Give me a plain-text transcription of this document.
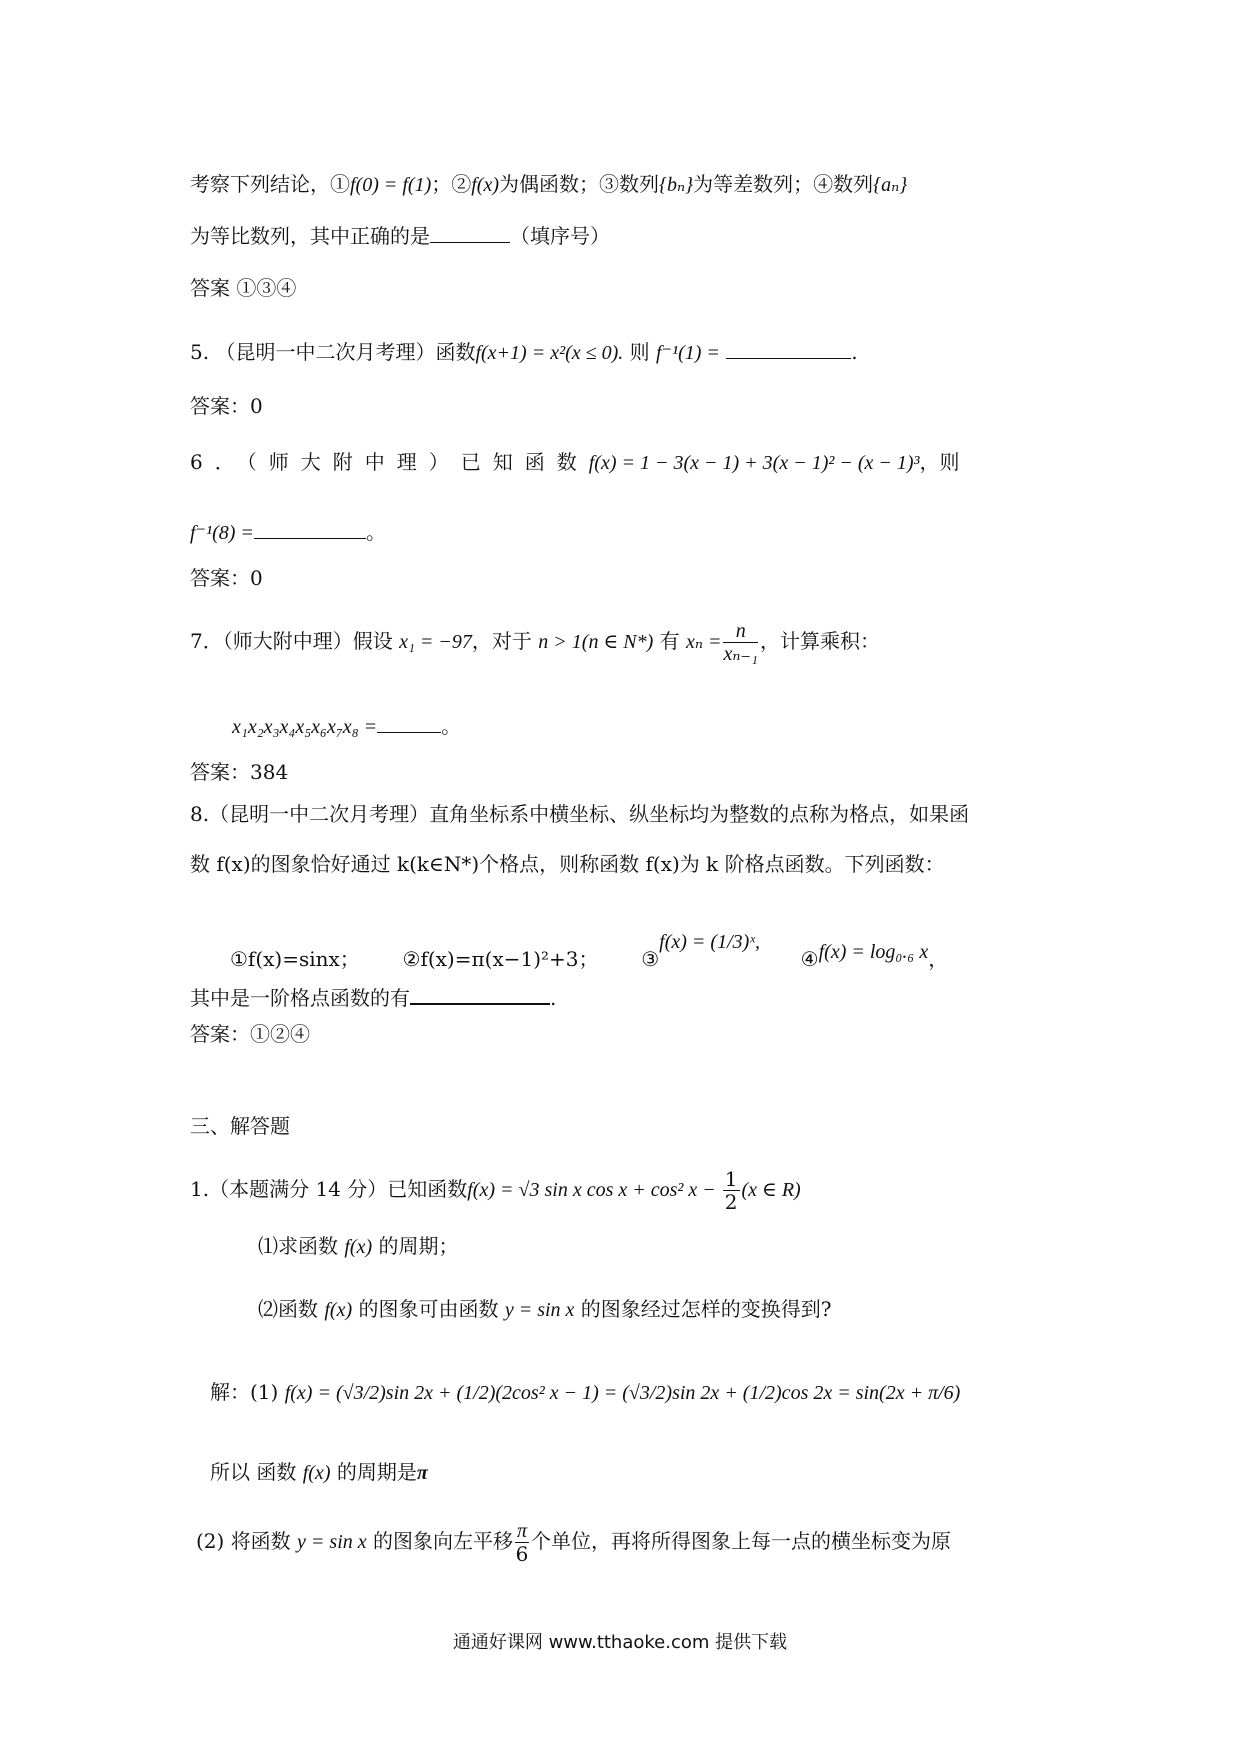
考察下列结论，①f(0) = f(1)；②f(x)为偶函数；③数列{bₙ}为等差数列；④数列{aₙ}
为等比数列，其中正确的是	（填序号）
答案 ①③④
5. （昆明一中二次月考理）函数f(x+1) = x²(x ≤ 0). 则 f⁻¹(1) =	.
答案：0
6．（师大附中理）已知函数f(x) = 1 − 3(x − 1) + 3(x − 1)² − (x − 1)³，则
f⁻¹(8) =	。
答案：0
7．（师大附中理）假设 x₁ = −97，对于 n > 1(n ∈ N*) 有 $x_n = \frac{n}{\text{xₙ₋₁}}$ ，计算乘积：
x₁x₂x₃x₄x₅x₆x₇x₈ =	。
答案：384
8.（昆明一中二次月考理）直角坐标系中横坐标、纵坐标均为整数的点称为格点，如果函
数 f(x)的图象恰好通过 k(k∈N*)个格点，则称函数 f(x)为 k 阶格点函数。下列函数：
①f(x)=sinx； ②f(x)=π(x−1)²+3； ③f(x) = (1/3)ˣ,  ④f(x) = log₀.₆ x，
其中是一阶格点函数的有	.
答案：①②④
三、解答题
1.（本题满分 14 分）已知函数f(x) = √3 sin x cos x + cos² $x - \frac{1}{2} (x$ ∈ R)
⑴求函数 f(x) 的周期；
⑵函数 f(x) 的图象可由函数 y = sin x 的图象经过怎样的变换得到?
解：(1) f(x) = (√3/2)sin 2x + (1/2)(2cos² x − 1) = (√3/2)sin 2x + (1/2)cos 2x = sin(2x + π/6)
所以 函数 f(x) 的周期是π
(2) 将函数 y = sin x 的图象向左平移 $\frac{\pi}{6}$ 个单位，再将所得图象上每一点的横坐标变为原
通通好课网 www.tthaoke.com 提供下载
